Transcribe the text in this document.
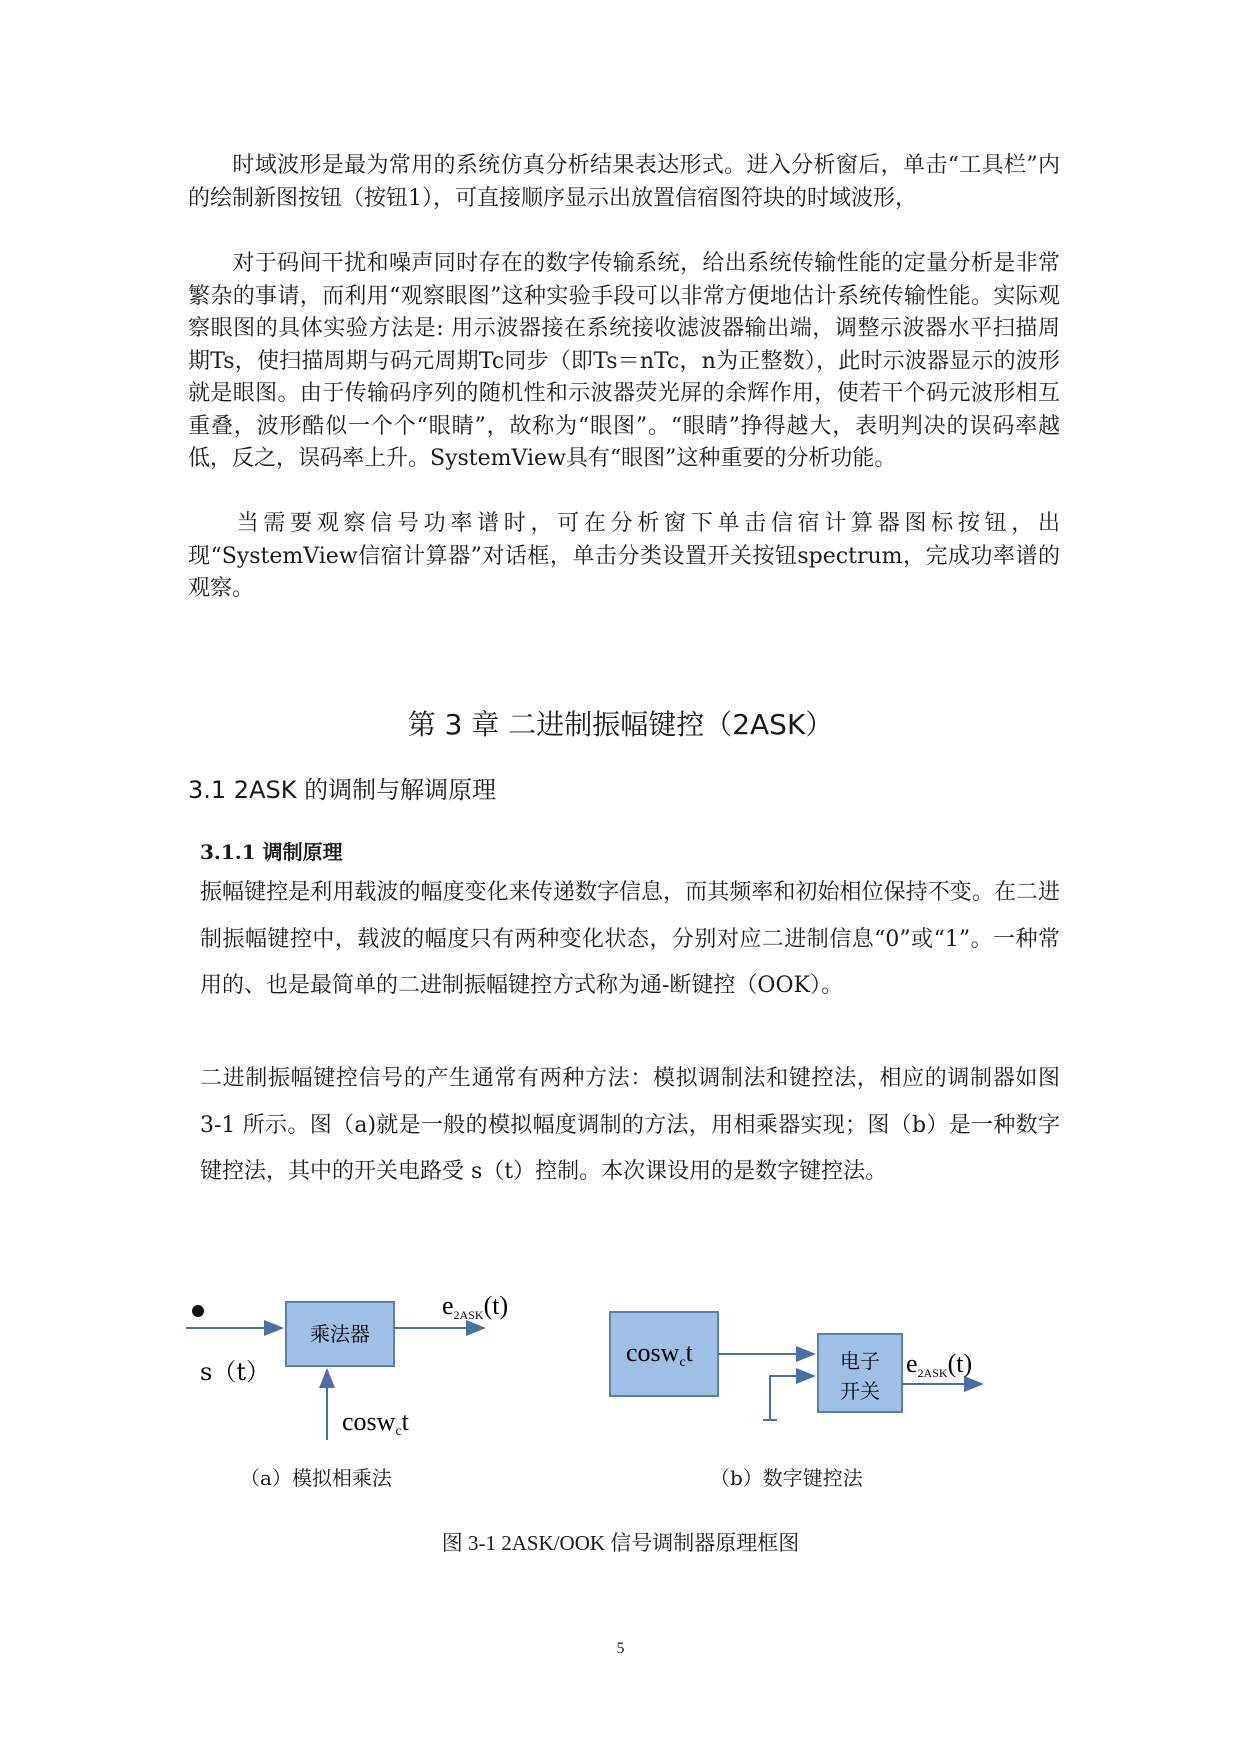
时域波形是最为常用的系统仿真分析结果表达形式。进入分析窗后，单击“工具栏”内的绘制新图按钮（按钮1），可直接顺序显示出放置信宿图符块的时域波形，

对于码间干扰和噪声同时存在的数字传输系统，给出系统传输性能的定量分析是非常繁杂的事请，而利用“观察眼图”这种实验手段可以非常方便地估计系统传输性能。实际观察眼图的具体实验方法是: 用示波器接在系统接收滤波器输出端，调整示波器水平扫描周期Ts，使扫描周期与码元周期Tc同步（即Ts＝nTc，n为正整数），此时示波器显示的波形就是眼图。由于传输码序列的随机性和示波器荧光屏的余辉作用，使若干个码元波形相互重叠，波形酷似一个个“眼睛”，故称为“眼图”。“眼睛”挣得越大，表明判决的误码率越低，反之，误码率上升。SystemView具有“眼图”这种重要的分析功能。

当需要观察信号功率谱时，可在分析窗下单击信宿计算器图标按钮，出现“SystemView信宿计算器”对话框，单击分类设置开关按钮spectrum，完成功率谱的观察。

第 3 章 二进制振幅键控（2ASK）
3.1 2ASK 的调制与解调原理
3.1.1 调制原理

振幅键控是利用载波的幅度变化来传递数字信息，而其频率和初始相位保持不变。在二进制振幅键控中，载波的幅度只有两种变化状态，分别对应二进制信息“0”或“1”。一种常用的、也是最简单的二进制振幅键控方式称为通-断键控（OOK）。

二进制振幅键控信号的产生通常有两种方法：模拟调制法和键控法，相应的调制器如图 3-1 所示。图（a)就是一般的模拟幅度调制的方法，用相乘器实现；图（b）是一种数字键控法，其中的开关电路受 s（t）控制。本次课设用的是数字键控法。

乘法器
e2ASK(t)
s（t）
coswct
coswct	电子
开关
e2ASK(t)

（a）模拟相乘法	（b）数字键控法

图 3-1 2ASK/OOK 信号调制器原理框图

5
